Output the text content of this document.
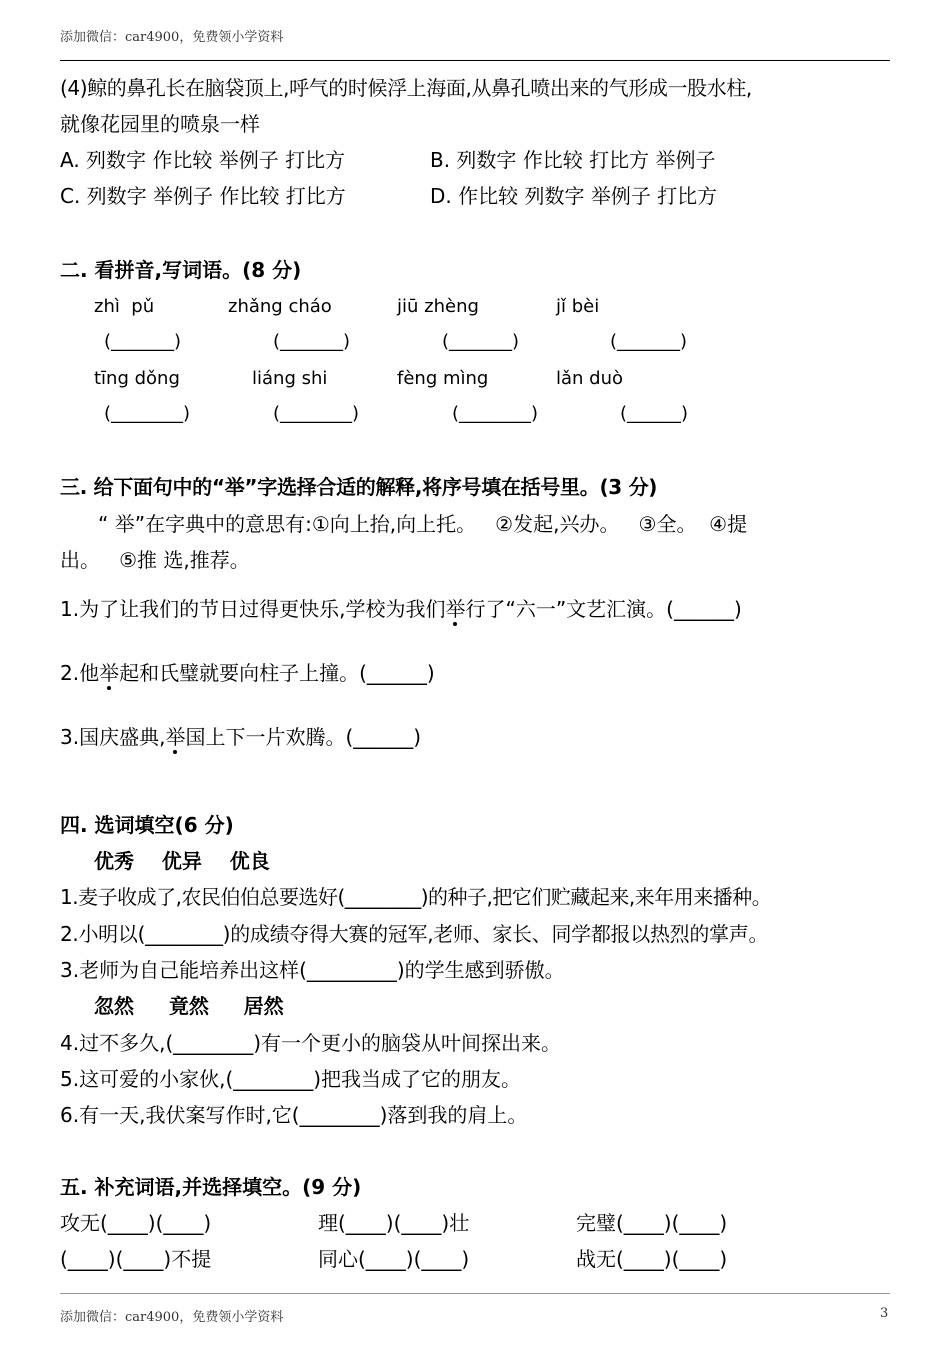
添加微信：car4900，免费领小学资料
(4)鲸的鼻孔长在脑袋顶上,呼气的时候浮上海面,从鼻孔喷出来的气形成一股水柱,
就像花园里的喷泉一样
A. 列数字 作比较 举例子 打比方	B. 列数字 作比较 打比方 举例子
C. 列数字 举例子 作比较 打比方	D. 作比较 列数字 举例子 打比方
二. 看拼音,写词语。(8 分)
zhì  pǔ	zhǎng cháo	jiū zhèng	jǐ bèi
(_______)	(_______)	(_______)	(_______)
tīng dǒng	liáng shi	fèng mìng	lǎn duò
(________)	(________)	(________)	(______)
三. 给下面句中的“举”字选择合适的解释,将序号填在括号里。(3 分)
“ 举”在字典中的意思有:①向上抬,向上托。   ②发起,兴办。   ③全。  ④提
出。   ⑤推 选,推荐。
1.为了让我们的节日过得更快乐,学校为我们举行了“六一”文艺汇演。(______)
2.他举起和氏璧就要向柱子上撞。(______)
3.国庆盛典,举国上下一片欢腾。(______)
四. 选词填空(6 分)
优秀    优异    优良
1.麦子收成了,农民伯伯总要选好(________)的种子,把它们贮藏起来,来年用来播种。
2.小明以(________)的成绩夺得大赛的冠军,老师、家长、同学都报以热烈的掌声。
3.老师为自己能培养出这样(_________)的学生感到骄傲。
忽然     竟然     居然
4.过不多久,(________)有一个更小的脑袋从叶间探出来。
5.这可爱的小家伙,(________)把我当成了它的朋友。
6.有一天,我伏案写作时,它(________)落到我的肩上。
五. 补充词语,并选择填空。(9 分)
攻无(____)(____)	理(____)(____)壮	完璧(____)(____)
(____)(____)不提	同心(____)(____)	战无(____)(____)
添加微信：car4900，免费领小学资料	3
